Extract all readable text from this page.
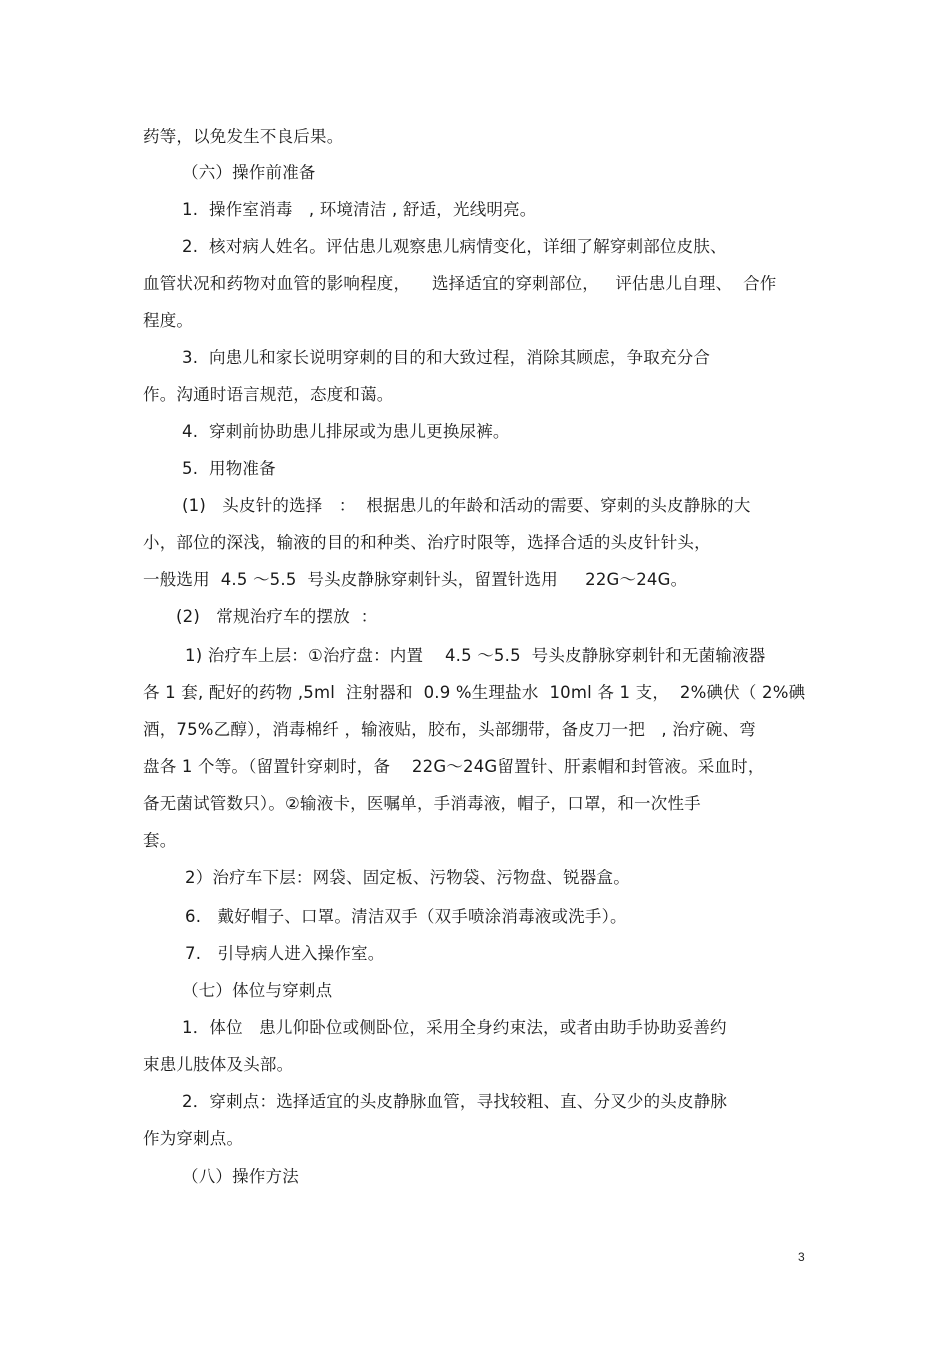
药等，以免发生不良后果。
（六）操作前准备
1.  操作室消毒   , 环境清洁 , 舒适，光线明亮。
2.  核对病人姓名。评估患儿观察患儿病情变化，详细了解穿刺部位皮肤、
血管状况和药物对血管的影响程度，    选择适宜的穿刺部位，   评估患儿自理、  合作
程度。
3.  向患儿和家长说明穿刺的目的和大致过程，消除其顾虑，争取充分合
作。沟通时语言规范，态度和蔼。
4.  穿刺前协助患儿排尿或为患儿更换尿裤。
5.  用物准备
(1)   头皮针的选择   ：  根据患儿的年龄和活动的需要、穿刺的头皮静脉的大
小，部位的深浅，输液的目的和种类、治疗时限等，选择合适的头皮针针头，
一般选用  4.5 ～5.5  号头皮静脉穿刺针头，留置针选用     22G～24G。
(2)   常规治疗车的摆放  ：
1) 治疗车上层：①治疗盘：内置    4.5 ～5.5  号头皮静脉穿刺针和无菌输液器
各 1 套, 配好的药物 ,5ml  注射器和  0.9 %生理盐水  10ml 各 1 支，  2%碘伏（ 2%碘
酒，75%乙醇），消毒棉纤 ，输液贴，胶布，头部绷带，备皮刀一把   , 治疗碗、弯
盘各 1 个等。（留置针穿刺时，备    22G～24G留置针、肝素帽和封管液。采血时，
备无菌试管数只）。②输液卡，医嘱单，手消毒液，帽子，口罩，和一次性手
套。
2）治疗车下层：网袋、固定板、污物袋、污物盘、锐器盒。
6.   戴好帽子、口罩。清洁双手（双手喷涂消毒液或洗手）。
7.   引导病人进入操作室。
（七）体位与穿刺点
1．体位   患儿仰卧位或侧卧位，采用全身约束法，或者由助手协助妥善约
束患儿肢体及头部。
2．穿刺点：选择适宜的头皮静脉血管，寻找较粗、直、分叉少的头皮静脉
作为穿刺点。
（八）操作方法
3
